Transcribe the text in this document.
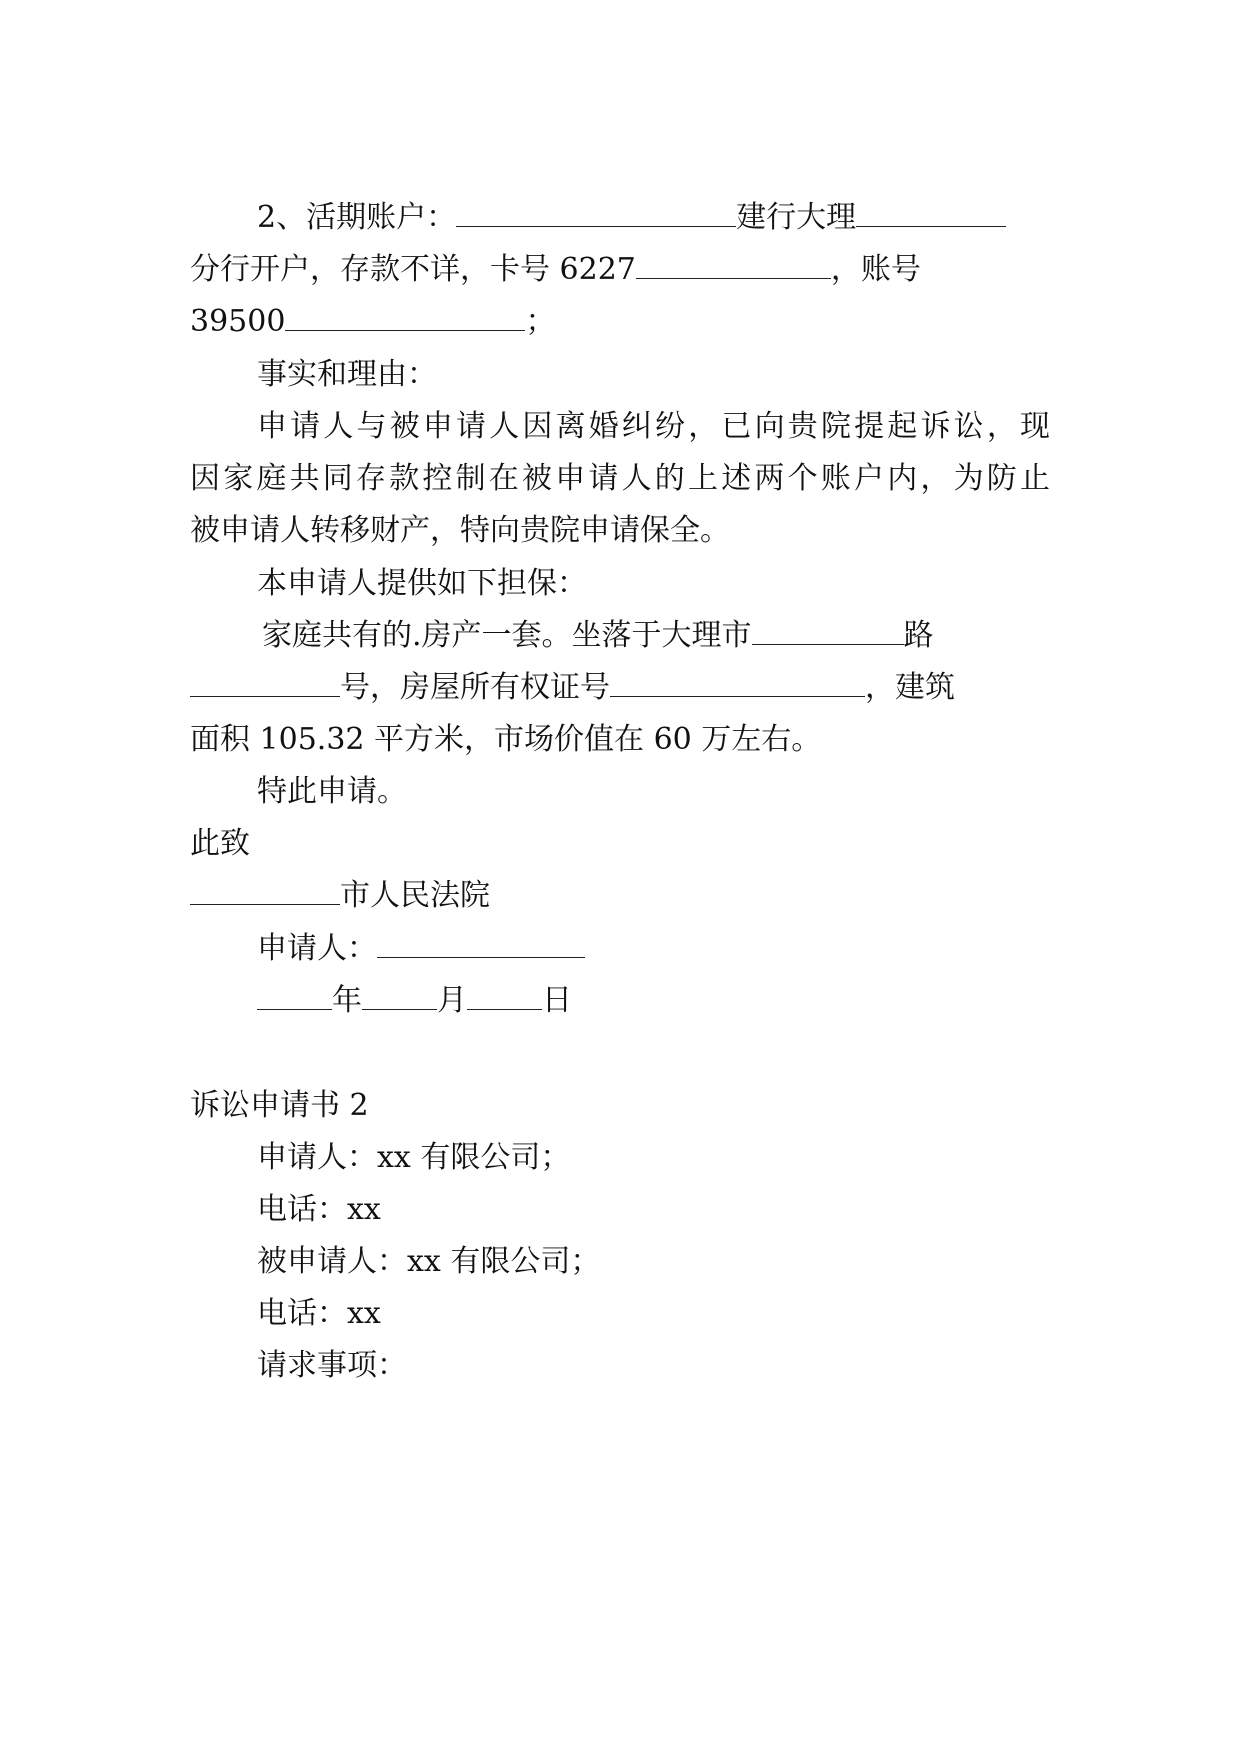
2、活期账户：	建行大理

分行开户，存款不详，卡号 6227	，账号

39500	；

事实和理由：

申请人与被申请人因离婚纠纷，已向贵院提起诉讼，现

因家庭共同存款控制在被申请人的上述两个账户内，为防止

被申请人转移财产，特向贵院申请保全。

本申请人提供如下担保：

家庭共有的.房产一套。坐落于大理市	路

号，房屋所有权证号	，建筑

面积 105.32 平方米，市场价值在 60 万左右。

特此申请。

此致

市人民法院

申请人：

年	月	日

诉讼申请书 2

申请人：xx 有限公司；

电话：xx

被申请人：xx 有限公司；

电话：xx

请求事项：
